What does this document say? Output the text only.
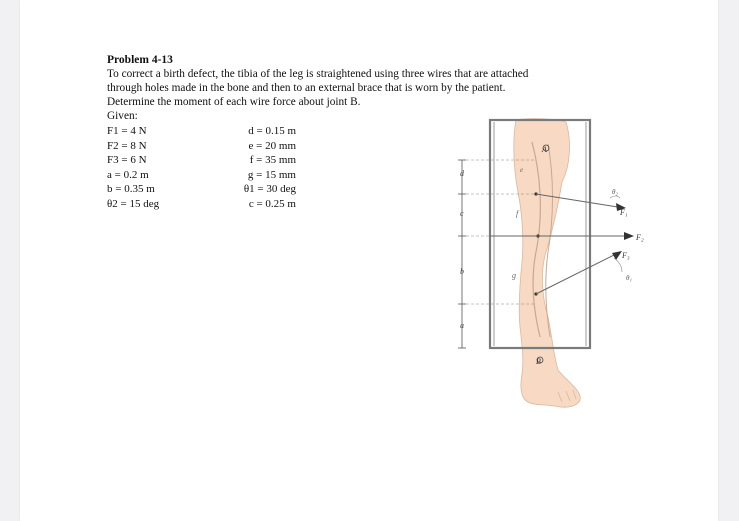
Problem 4-13
To correct a birth defect, the tibia of the leg is straightened using three wires that are attached
through holes made in the bone and then to an external brace that is worn by the patient.
Determine the moment of each wire force about joint B.
Given:
F1 = 4 N
F2 = 8 N
F3 = 6 N
a = 0.2 m
b = 0.35 m
θ2 = 15 deg
d = 0.15 m
e = 20 mm
f = 35 mm
g = 15 mm
θ1 = 30 deg
c = 0.25 m
d
c
b
a
A
F₁
F₂
F₃
θ₂
θ₁
f
g
e
B
